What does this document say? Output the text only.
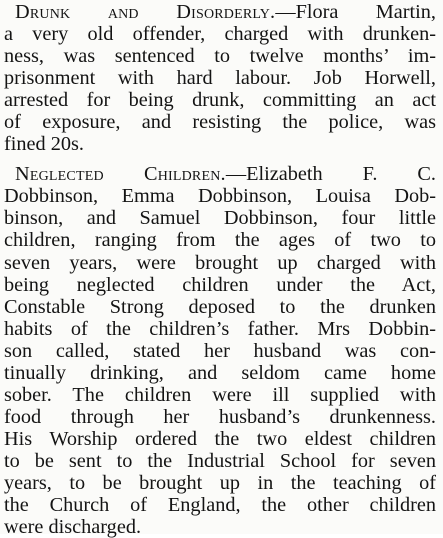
Drunk and Disorderly.—Flora Martin,
a very old offender, charged with drunken-
ness, was sentenced to twelve months’ im-
prisonment with hard labour. Job Horwell,
arrested for being drunk, committing an act
of exposure, and resisting the police, was
fined 20s.
Neglected Children.—Elizabeth F. C.
Dobbinson, Emma Dobbinson, Louisa Dob-
binson, and Samuel Dobbinson, four little
children, ranging from the ages of two to
seven years, were brought up charged with
being neglected children under the Act,
Constable Strong deposed to the drunken
habits of the children’s father. Mrs Dobbin-
son called, stated her husband was con-
tinually drinking, and seldom came home
sober. The children were ill supplied with
food through her husband’s drunkenness.
His Worship ordered the two eldest children
to be sent to the Industrial School for seven
years, to be brought up in the teaching of
the Church of England, the other children
were discharged.
